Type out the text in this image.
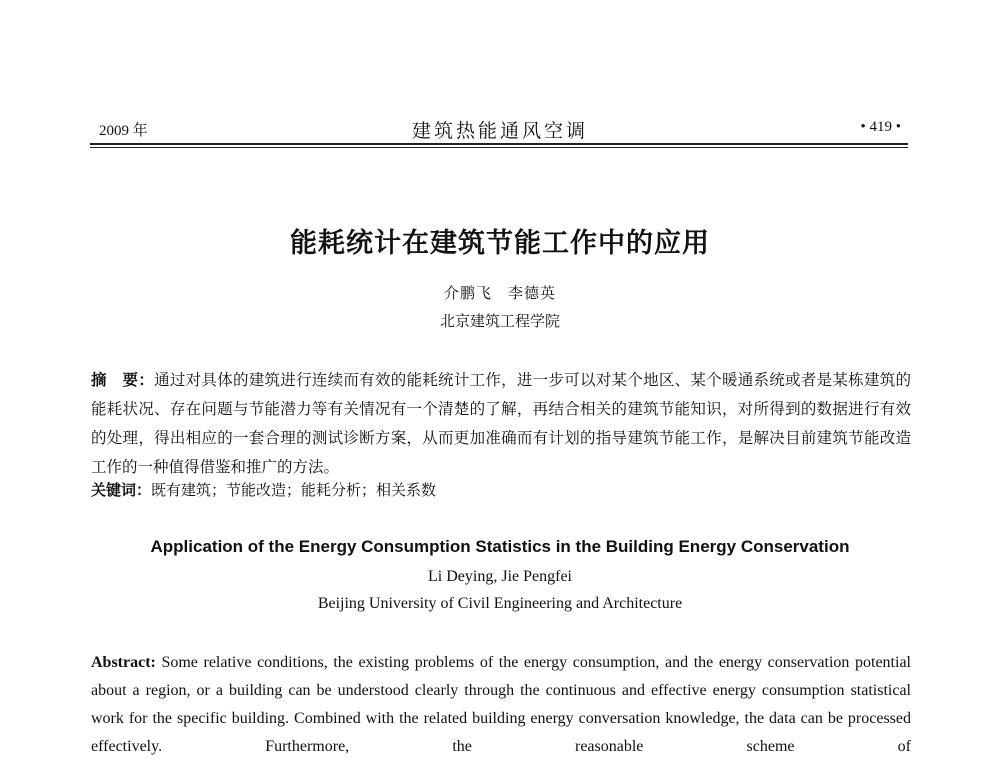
2009 年	建筑热能通风空调	• 419 •
能耗统计在建筑节能工作中的应用
介鹏飞　李德英
北京建筑工程学院

摘　要：通过对具体的建筑进行连续而有效的能耗统计工作，进一步可以对某个地区、某个暖通系统或者是某栋建筑的能耗状况、存在问题与节能潜力等有关情况有一个清楚的了解，再结合相关的建筑节能知识，对所得到的数据进行有效的处理，得出相应的一套合理的测试诊断方案，从而更加准确而有计划的指导建筑节能工作，是解决目前建筑节能改造工作的一种值得借鉴和推广的方法。

关键词：既有建筑；节能改造；能耗分析；相关系数
Application of the Energy Consumption Statistics in the Building Energy Conservation
Li Deying, Jie Pengfei
Beijing University of Civil Engineering and Architecture

Abstract: Some relative conditions, the existing problems of the energy consumption, and the energy conservation potential about a region, or a building can be understood clearly through the continuous and effective energy consumption statistical work for the specific building. Combined with the related building energy conversation knowledge, the data can be processed effectively. Furthermore, the reasonable scheme of
